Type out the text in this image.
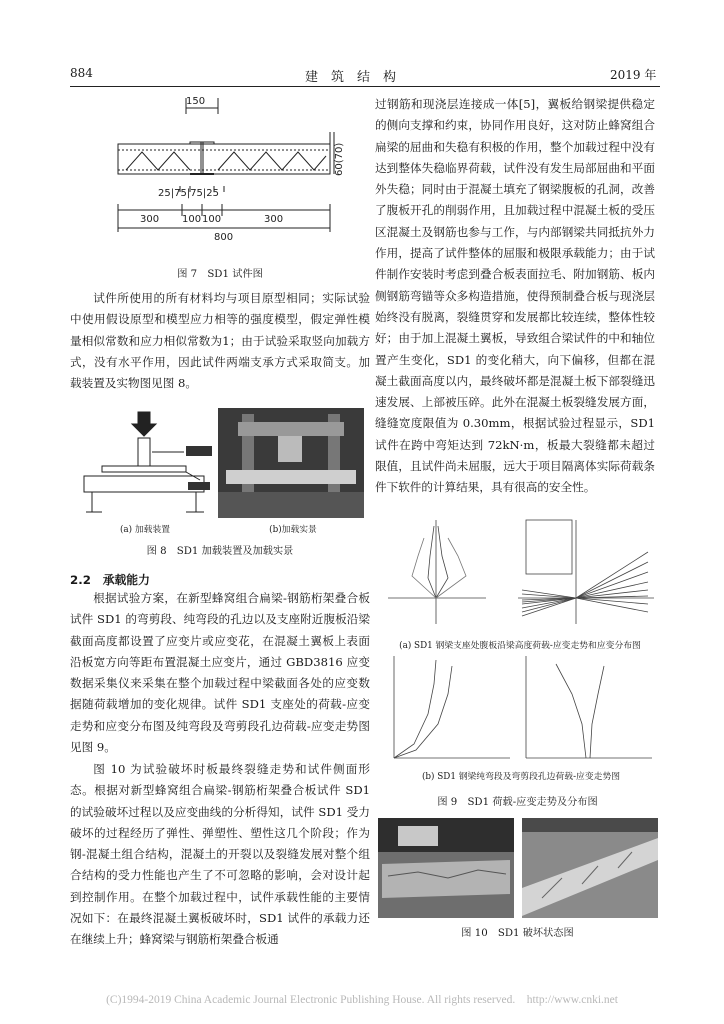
884	建　筑　结　构	2019 年
150
60(70)
25|75|75|25
300 100 100	300
800
图 7　SD1 试件图

试件所使用的所有材料均与项目原型相同；实际试验中使用假设原型和模型应力相等的强度模型，假定弹性模量相似常数和应力相似常数为1；由于试验采取竖向加载方式，没有水平作用，因此试件两端支承方式采取简支。加载装置及实物图见图 8。

(a) 加载装置	(b)加载实景
图 8　SD1 加载装置及加载实景
2.2　承载能力

根据试验方案，在新型蜂窝组合扁梁-钢筋桁架叠合板试件 SD1 的弯剪段、纯弯段的孔边以及支座附近腹板沿梁截面高度都设置了应变片或应变花，在混凝土翼板上表面沿板宽方向等距布置混凝土应变片，通过 GBD3816 应变数据采集仪来采集在整个加载过程中梁截面各处的应变数据随荷载增加的变化规律。试件 SD1 支座处的荷载-应变走势和应变分布图及纯弯段及弯剪段孔边荷载-应变走势图见图 9。

图 10 为试验破坏时板最终裂缝走势和试件侧面形态。根据对新型蜂窝组合扁梁-钢筋桁架叠合板试件 SD1 的试验破坏过程以及应变曲线的分析得知，试件 SD1 受力破坏的过程经历了弹性、弹塑性、塑性这几个阶段；作为钢-混凝土组合结构，混凝土的开裂以及裂缝发展对整个组合结构的受力性能也产生了不可忽略的影响，会对设计起到控制作用。在整个加载过程中，试件承载性能的主要情况如下：在最终混凝土翼板破坏时，SD1 试件的承载力还在继续上升；蜂窝梁与钢筋桁架叠合板通

过钢筋和现浇层连接成一体[5]，翼板给钢梁提供稳定的侧向支撑和约束，协同作用良好，这对防止蜂窝组合扁梁的屈曲和失稳有积极的作用，整个加载过程中没有达到整体失稳临界荷载，试件没有发生局部屈曲和平面外失稳；同时由于混凝土填充了钢梁腹板的孔洞，改善了腹板开孔的削弱作用，且加载过程中混凝土板的受压区混凝土及钢筋也参与工作，与内部钢梁共同抵抗外力作用，提高了试件整体的屈服和极限承载能力；由于试件制作安装时考虑到叠合板表面拉毛、附加钢筋、板内侧钢筋弯锚等众多构造措施，使得预制叠合板与现浇层始终没有脱离，裂缝贯穿和发展都比较连续，整体性较好；由于加上混凝土翼板，导致组合梁试件的中和轴位置产生变化，SD1 的变化稍大，向下偏移，但都在混凝土截面高度以内，最终破坏都是混凝土板下部裂缝迅速发展、上部被压碎。此外在混凝土板裂缝发展方面，缝缝宽度限值为 0.30mm，根据试验过程显示，SD1 试件在跨中弯矩达到 72kN·m，板最大裂缝都未超过限值，且试件尚未屈服，远大于项目隔离体实际荷载条件下软件的计算结果，具有很高的安全性。

(a) SD1 钢梁支座处腹板沿梁高度荷载-应变走势和应变分布图
(b) SD1 钢梁纯弯段及弯剪段孔边荷载-应变走势图
图 9　SD1 荷载-应变走势及分布图
图 10　SD1 破坏状态图
(C)1994-2019 China Academic Journal Electronic Publishing House. All rights reserved.　http://www.cnki.net
